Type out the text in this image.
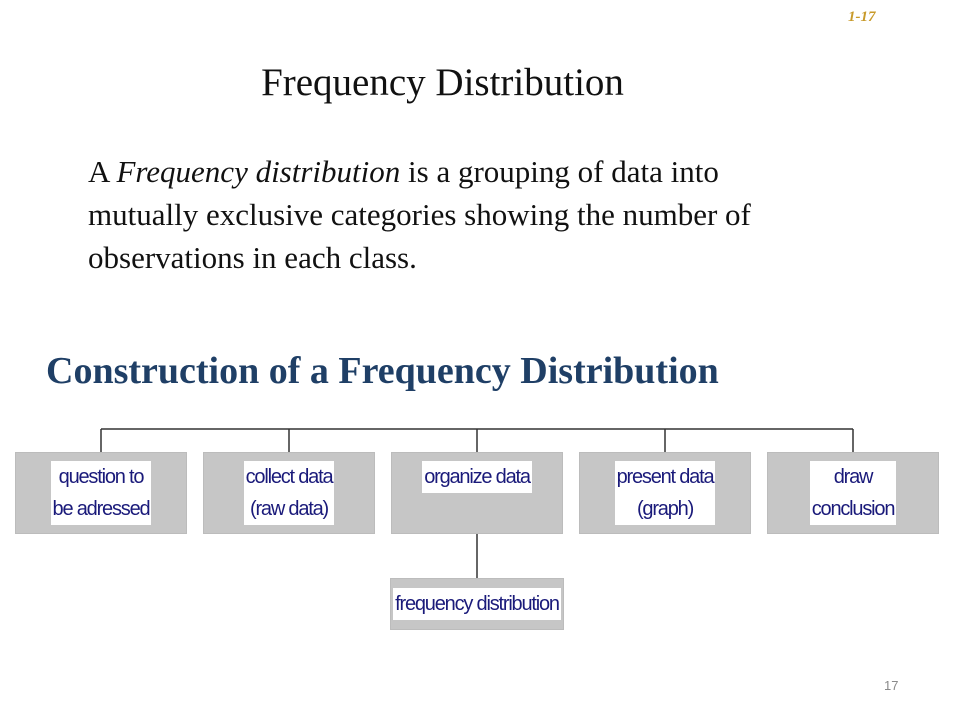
1-17
Frequency Distribution
A Frequency distribution is a grouping of data into mutually exclusive categories showing the number of observations in each class.
Construction of a Frequency Distribution
question to
be adressed
collect data
(raw data)
organize data	present data
(graph)
draw
conclusion
frequency distribution
17
